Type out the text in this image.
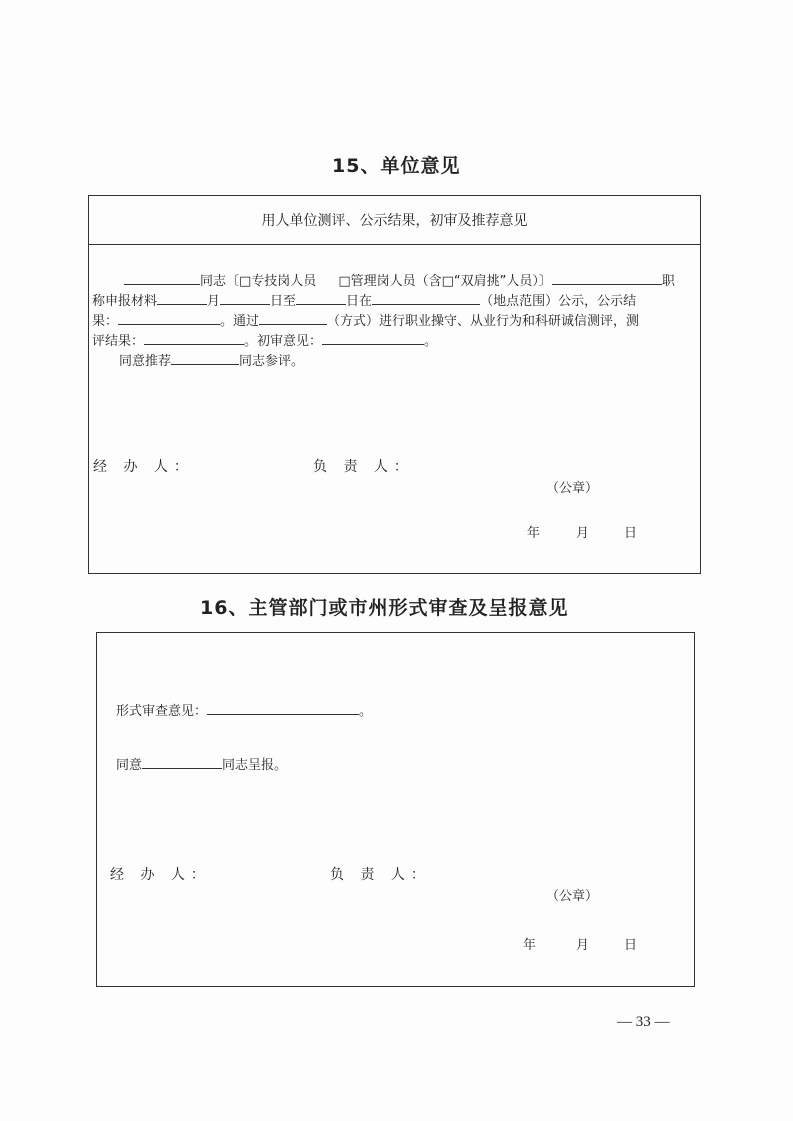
15、单位意见
用人单位测评、公示结果，初审及推荐意见
同志〔□专技岗人员 □管理岗人员（含□“双肩挑”人员）〕	职
称申报材料	月	日至	日在	（地点范围）公示，公示结
果：	。通过	（方式）进行职业操守、从业行为和科研诚信测评，测
评结果：	。初审意见：	。
同意推荐	同志参评。
经 办 人：	负 责 人：
（公章）
年	月	日
16、主管部门或市州形式审查及呈报意见
形式审查意见：	。
同意	同志呈报。
经 办 人：	负 责 人：
（公章）
年	月	日
— 33 —
